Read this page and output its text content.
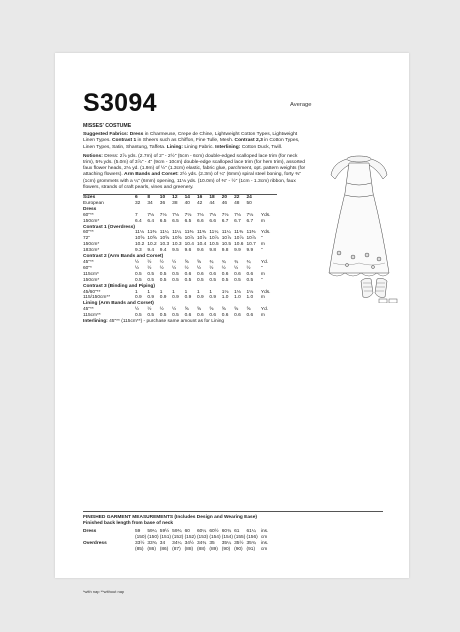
S3094	Average
MISSES' COSTUME
Suggested Fabrics: Dress in Charmeuse, Crepe de Chine, Lightweight Cotton Types, Lightweight Linen Types. Contrast 1 in Sheers such as Chiffon, Fine Tulle, Mesh. Contrast 2,3 in Cotton Types, Linen Types, Satin, Shantung, Taffeta. Lining: Lining Fabric. Interlining: Cotton Duck, Twill.
Notions: Dress: 2⅞ yds. (2.7m) of 2" - 2½" (5cm - 6cm) double-edged scalloped lace trim (for neck trim), 5⅜ yds. (5.0m) of 3⅞" - 4" (9cm - 10cm) double-edge scalloped lace trim (for hem trim), assorted faux flower heads, 2⅛ yd. (1.9m) of ½" (1.3cm) elastic, fabric glue, parchment, opt. pattern weights (for attaching flowers). Arm Bands and Corset: 2½ yds. (2.3m) of ¼" (6mm) spiral steel boning, forty ⅜" (1cm) grommets with a ¼" (6mm) opening, 11⅛ yds. (10.0m) of ⅜" - ½" (1cm - 1.3cm) ribbon, faux flowers, strands of craft pearls, vines and greenery.
Sizes	6	8	10	12	14	16	18	20	22	24	
European	32	34	36	38	40	42	44	46	48	50	
Dress											
60"**	7	7⅛	7⅛	7⅛	7⅛	7⅛	7⅛	7⅛	7⅛	7⅛	Yds.
150cm*	6.4	6.4	6.5	6.5	6.5	6.6	6.6	6.7	6.7	6.7	m
Contrast 1 (Overdress)											
60"**	11⅛	11⅜	11¼	11¼	11⅜	11⅜	11¼	11¼	11⅜	11⅜	Yds.
72"	10⅝	10⅝	10⅝	10⅝	10⅞	10⅞	10⅞	10⅞	10⅞	10⅞	"
150cm*	10.2	10.2	10.3	10.3	10.4	10.4	10.5	10.5	10.6	10.7	m
183cm*	9.3	9.4	9.4	9.5	9.6	9.6	9.8	9.8	9.9	9.9	"
Contrast 2 (Arm Bands and Corset)											
45"**	½	½	½	½	⅝	⅝	¾	¾	¾	¾	Yd.
60"*	½	½	½	½	½	½	½	½	½	½	"
115cm*	0.5	0.5	0.5	0.5	0.6	0.6	0.6	0.6	0.6	0.6	m
150cm*	0.5	0.5	0.5	0.5	0.5	0.5	0.5	0.5	0.5	0.5	"
Contrast 3 (Binding and Piping)											
45/60"**	1	1	1	1	1	1	1	1⅛	1⅛	1⅛	Yds.
115/150cm**	0.9	0.9	0.9	0.9	0.9	0.9	0.9	1.0	1.0	1.0	m
Lining (Arm Bands and Corset)											
45"**	½	½	½	½	⅝	⅝	⅝	⅝	⅝	⅝	Yd.
115cm**	0.5	0.5	0.5	0.5	0.6	0.6	0.6	0.6	0.6	0.6	m
Interlining: 45"** (115cm**) - purchase same amount as for Lining
FINISHED GARMENT MEASUREMENTS (Includes Design and Wearing Ease)
Finished back length from base of neck
Dress	59	59¼	59½	59¾	60	60¼	60½	60¾	61	61¼	ins.
	(150)	(150)	(151)	(152)	(152)	(153)	(154)	(154)	(155)	(156)	cm
Overdress	33½	33¾	34	34¼	34½	34¾	35	35¼	35½	35¾	ins.
	(85)	(86)	(86)	(87)	(88)	(88)	(89)	(90)	(90)	(91)	cm
*with nap **without nap
